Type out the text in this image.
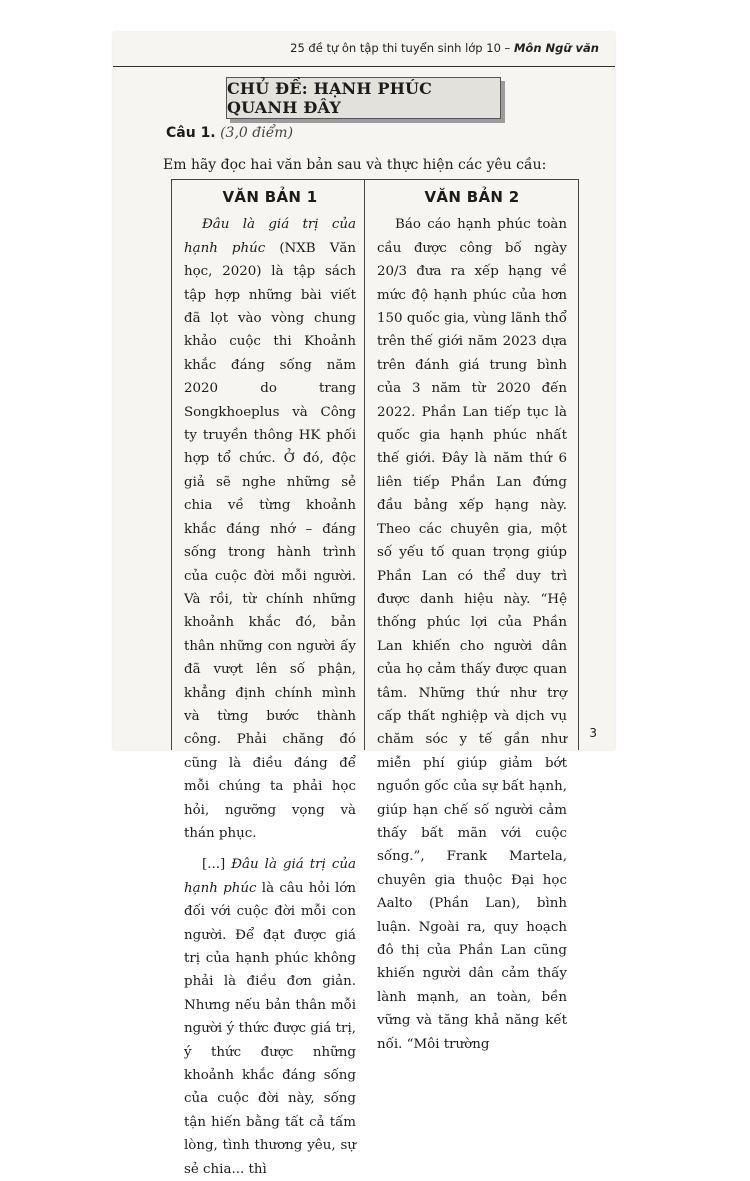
25 đề tự ôn tập thi tuyển sinh lớp 10 – Môn Ngữ văn
CHỦ ĐỀ: HẠNH PHÚC QUANH ĐÂY
Câu 1. (3,0 điểm)
Em hãy đọc hai văn bản sau và thực hiện các yêu cầu:
VĂN BẢN 1

Đâu là giá trị của hạnh phúc (NXB Văn học, 2020) là tập sách tập hợp những bài viết đã lọt vào vòng chung khảo cuộc thi Khoảnh khắc đáng sống năm 2020 do trang Songkhoeplus và Công ty truyền thông HK phối hợp tổ chức. Ở đó, độc giả sẽ nghe những sẻ chia về từng khoảnh khắc đáng nhớ – đáng sống trong hành trình của cuộc đời mỗi người. Và rồi, từ chính những khoảnh khắc đó, bản thân những con người ấy đã vượt lên số phận, khẳng định chính mình và từng bước thành công. Phải chăng đó cũng là điều đáng để mỗi chúng ta phải học hỏi, ngưỡng vọng và thán phục.

[...] Đâu là giá trị của hạnh phúc là câu hỏi lớn đối với cuộc đời mỗi con người. Để đạt được giá trị của hạnh phúc không phải là điều đơn giản. Nhưng nếu bản thân mỗi người ý thức được giá trị, ý thức được những khoảnh khắc đáng sống của cuộc đời này, sống tận hiến bằng tất cả tấm lòng, tình thương yêu, sự sẻ chia... thì

VĂN BẢN 2

Báo cáo hạnh phúc toàn cầu được công bố ngày 20/3 đưa ra xếp hạng về mức độ hạnh phúc của hơn 150 quốc gia, vùng lãnh thổ trên thế giới năm 2023 dựa trên đánh giá trung bình của 3 năm từ 2020 đến 2022. Phần Lan tiếp tục là quốc gia hạnh phúc nhất thế giới. Đây là năm thứ 6 liên tiếp Phần Lan đứng đầu bảng xếp hạng này. Theo các chuyên gia, một số yếu tố quan trọng giúp Phần Lan có thể duy trì được danh hiệu này. “Hệ thống phúc lợi của Phần Lan khiến cho người dân của họ cảm thấy được quan tâm. Những thứ như trợ cấp thất nghiệp và dịch vụ chăm sóc y tế gần như miễn phí giúp giảm bớt nguồn gốc của sự bất hạnh, giúp hạn chế số người cảm thấy bất mãn với cuộc sống.”, Frank Martela, chuyên gia thuộc Đại học Aalto (Phần Lan), bình luận. Ngoài ra, quy hoạch đô thị của Phần Lan cũng khiến người dân cảm thấy lành mạnh, an toàn, bền vững và tăng khả năng kết nối. “Môi trường

3
